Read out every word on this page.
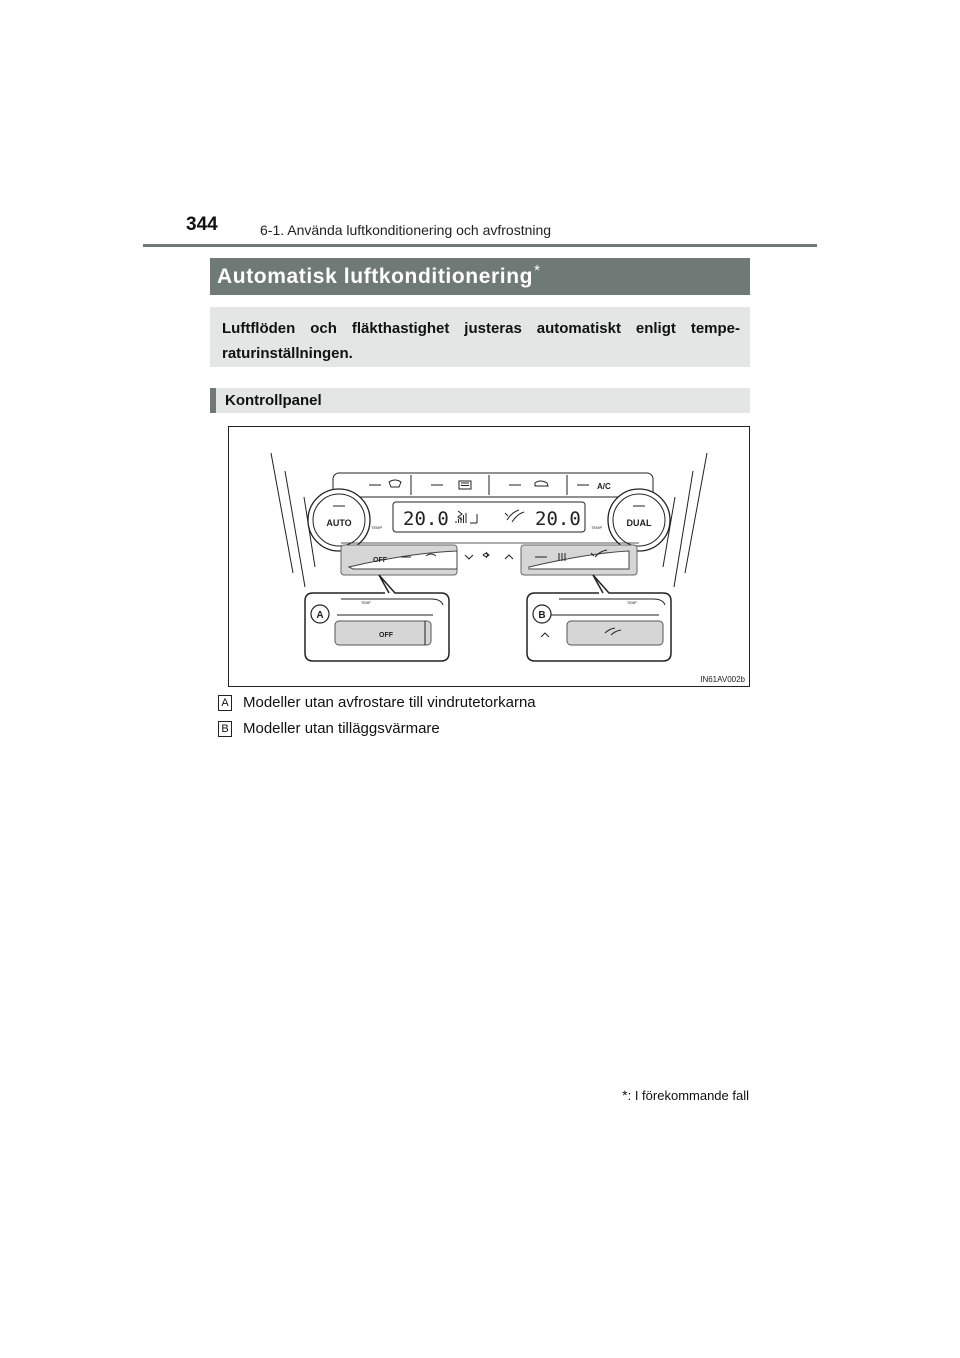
344	6-1. Använda luftkonditionering och avfrostning
Automatisk luftkonditionering*
Luftflöden och fläkthastighet justeras automatiskt enligt tempe-raturinställningen.
Kontrollpanel
A/C
AUTO	TEMP	DUAL
TEMP
20.0	20.0
OFF
OFF
A
TEMP
B
TEMP
IN61AV002b
A Modeller utan avfrostare till vindrutetorkarna
B Modeller utan tilläggsvärmare
*: I förekommande fall
